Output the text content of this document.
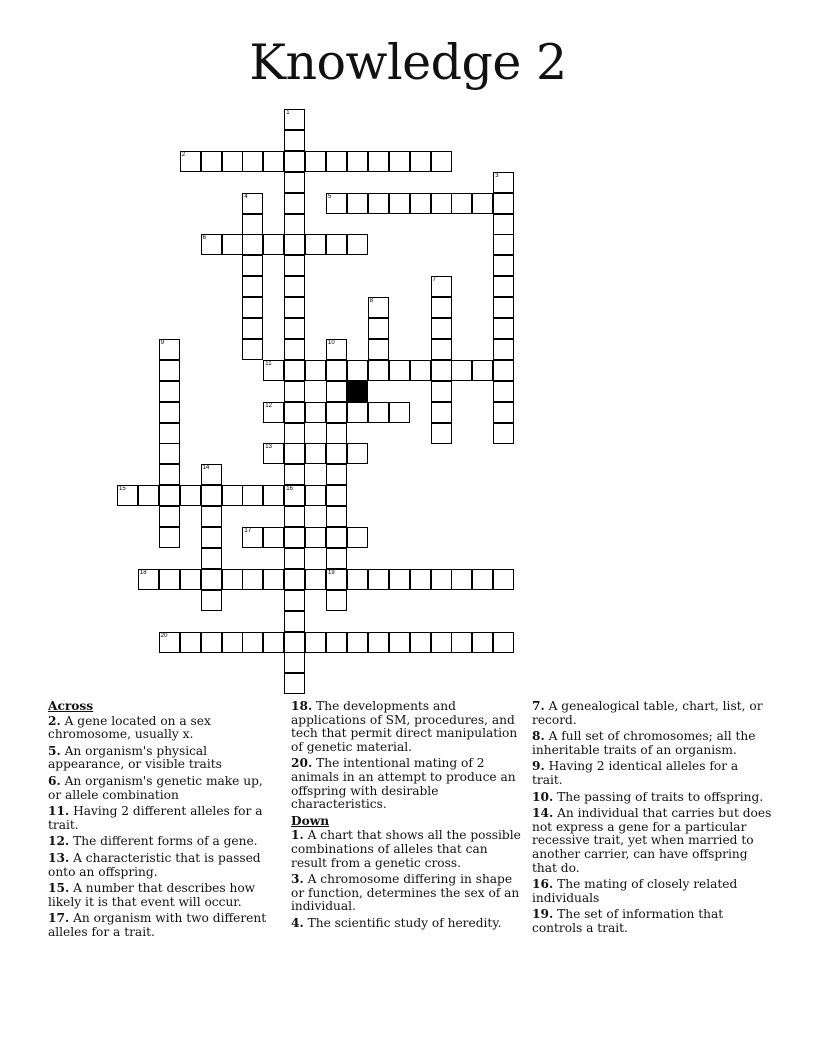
Knowledge 2
1
16
2
3
4	5
6
7
8
9	10
19
11
12
13
14
15
17
18
20
Across
2. A gene located on a sex chromosome, usually x.
5. An organism's physical appearance, or visible traits
6. An organism's genetic make up, or allele combination
11. Having 2 different alleles for a trait.
12. The different forms of a gene.
13. A characteristic that is passed onto an offspring.
15. A number that describes how likely it is that event will occur.
17. An organism with two different alleles for a trait.
18. The developments and applications of SM, procedures, and tech that permit direct manipulation of genetic material.
20. The intentional mating of 2 animals in an attempt to produce an offspring with desirable characteristics.
Down
1. A chart that shows all the possible combinations of alleles that can result from a genetic cross.
3. A chromosome differing in shape or function, determines the sex of an individual.
4. The scientific study of heredity.
7. A genealogical table, chart, list, or record.
8. A full set of chromosomes; all the inheritable traits of an organism.
9. Having 2 identical alleles for a trait.
10. The passing of traits to offspring.
14. An individual that carries but does not express a gene for a particular recessive trait, yet when married to another carrier, can have offspring that do.
16. The mating of closely related individuals
19. The set of information that controls a trait.
